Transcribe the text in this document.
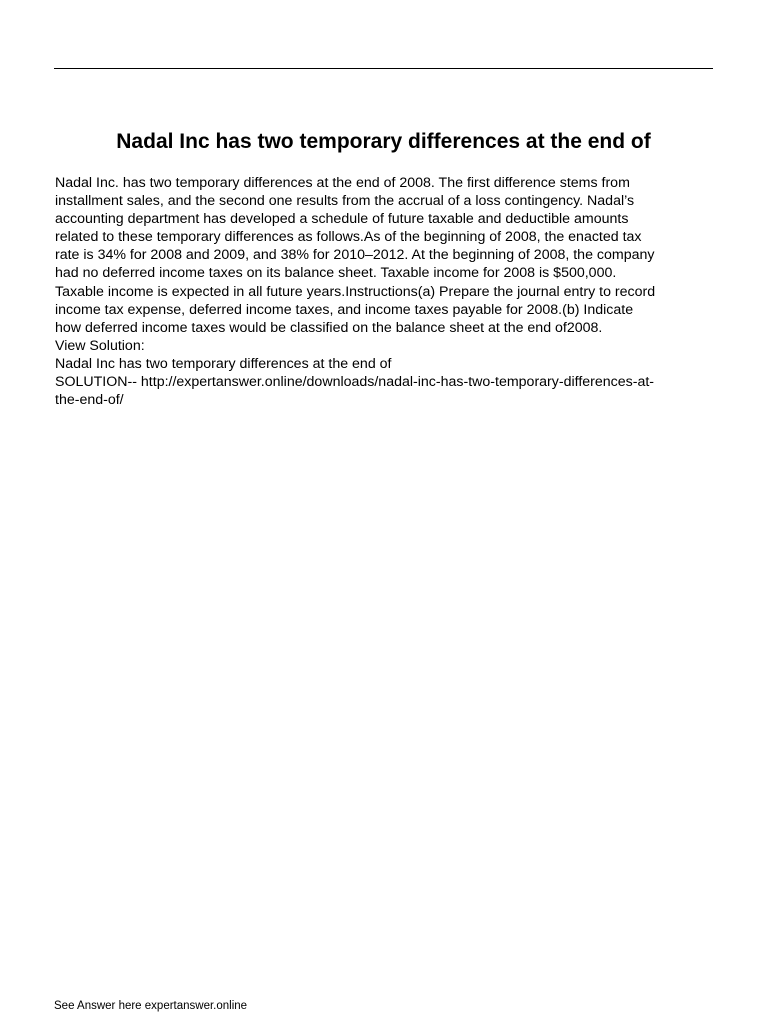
Nadal Inc has two temporary differences at the end of
Nadal Inc. has two temporary differences at the end of 2008. The first difference stems from
installment sales, and the second one results from the accrual of a loss contingency. Nadal’s
accounting department has developed a schedule of future taxable and deductible amounts
related to these temporary differences as follows.As of the beginning of 2008, the enacted tax
rate is 34% for 2008 and 2009, and 38% for 2010–2012. At the beginning of 2008, the company
had no deferred income taxes on its balance sheet. Taxable income for 2008 is $500,000.
Taxable income is expected in all future years.Instructions(a) Prepare the journal entry to record
income tax expense, deferred income taxes, and income taxes payable for 2008.(b) Indicate
how deferred income taxes would be classified on the balance sheet at the end of2008.
View Solution:
Nadal Inc has two temporary differences at the end of
SOLUTION-- http://expertanswer.online/downloads/nadal-inc-has-two-temporary-differences-at-
the-end-of/
See Answer here expertanswer.online
